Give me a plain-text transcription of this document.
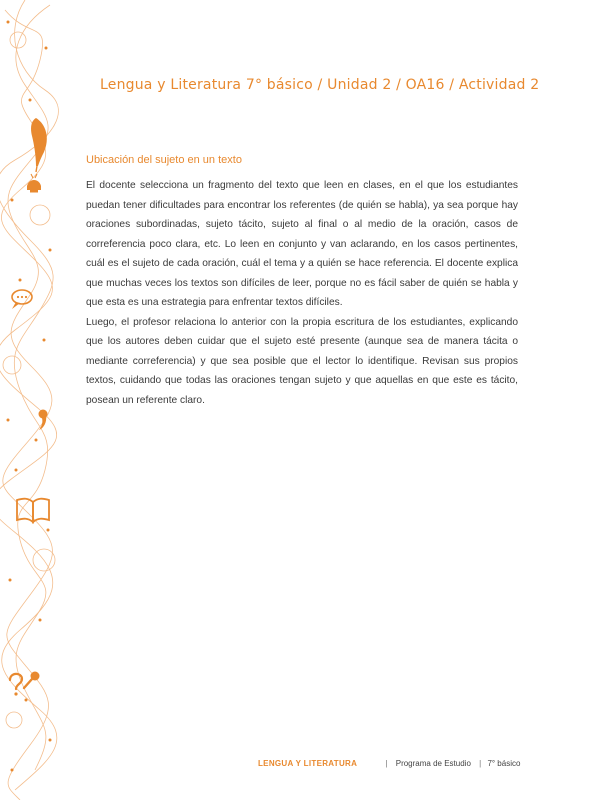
Lengua y Literatura 7° básico / Unidad 2 / OA16 / Actividad 2
Ubicación del sujeto en un texto

El docente selecciona un fragmento del texto que leen en clases, en el que los estudiantes puedan tener dificultades para encontrar los referentes (de quién se habla), ya sea porque hay oraciones subordinadas, sujeto tácito, sujeto al final o al medio de la oración, casos de correferencia poco clara, etc. Lo leen en conjunto y van aclarando, en los casos pertinentes, cuál es el sujeto de cada oración, cuál el tema y a quién se hace referencia. El docente explica que muchas veces los textos son difíciles de leer, porque no es fácil saber de quién se habla y que esta es una estrategia para enfrentar textos difíciles.

Luego, el profesor relaciona lo anterior con la propia escritura de los estudiantes, explicando que los autores deben cuidar que el sujeto esté presente (aunque sea de manera tácita o mediante correferencia) y que sea posible que el lector lo identifique. Revisan sus propios textos, cuidando que todas las oraciones tengan sujeto y que aquellas en que este es tácito, posean un referente claro.

LENGUA Y LITERATURA	| Programa de Estudio | 7° básico
